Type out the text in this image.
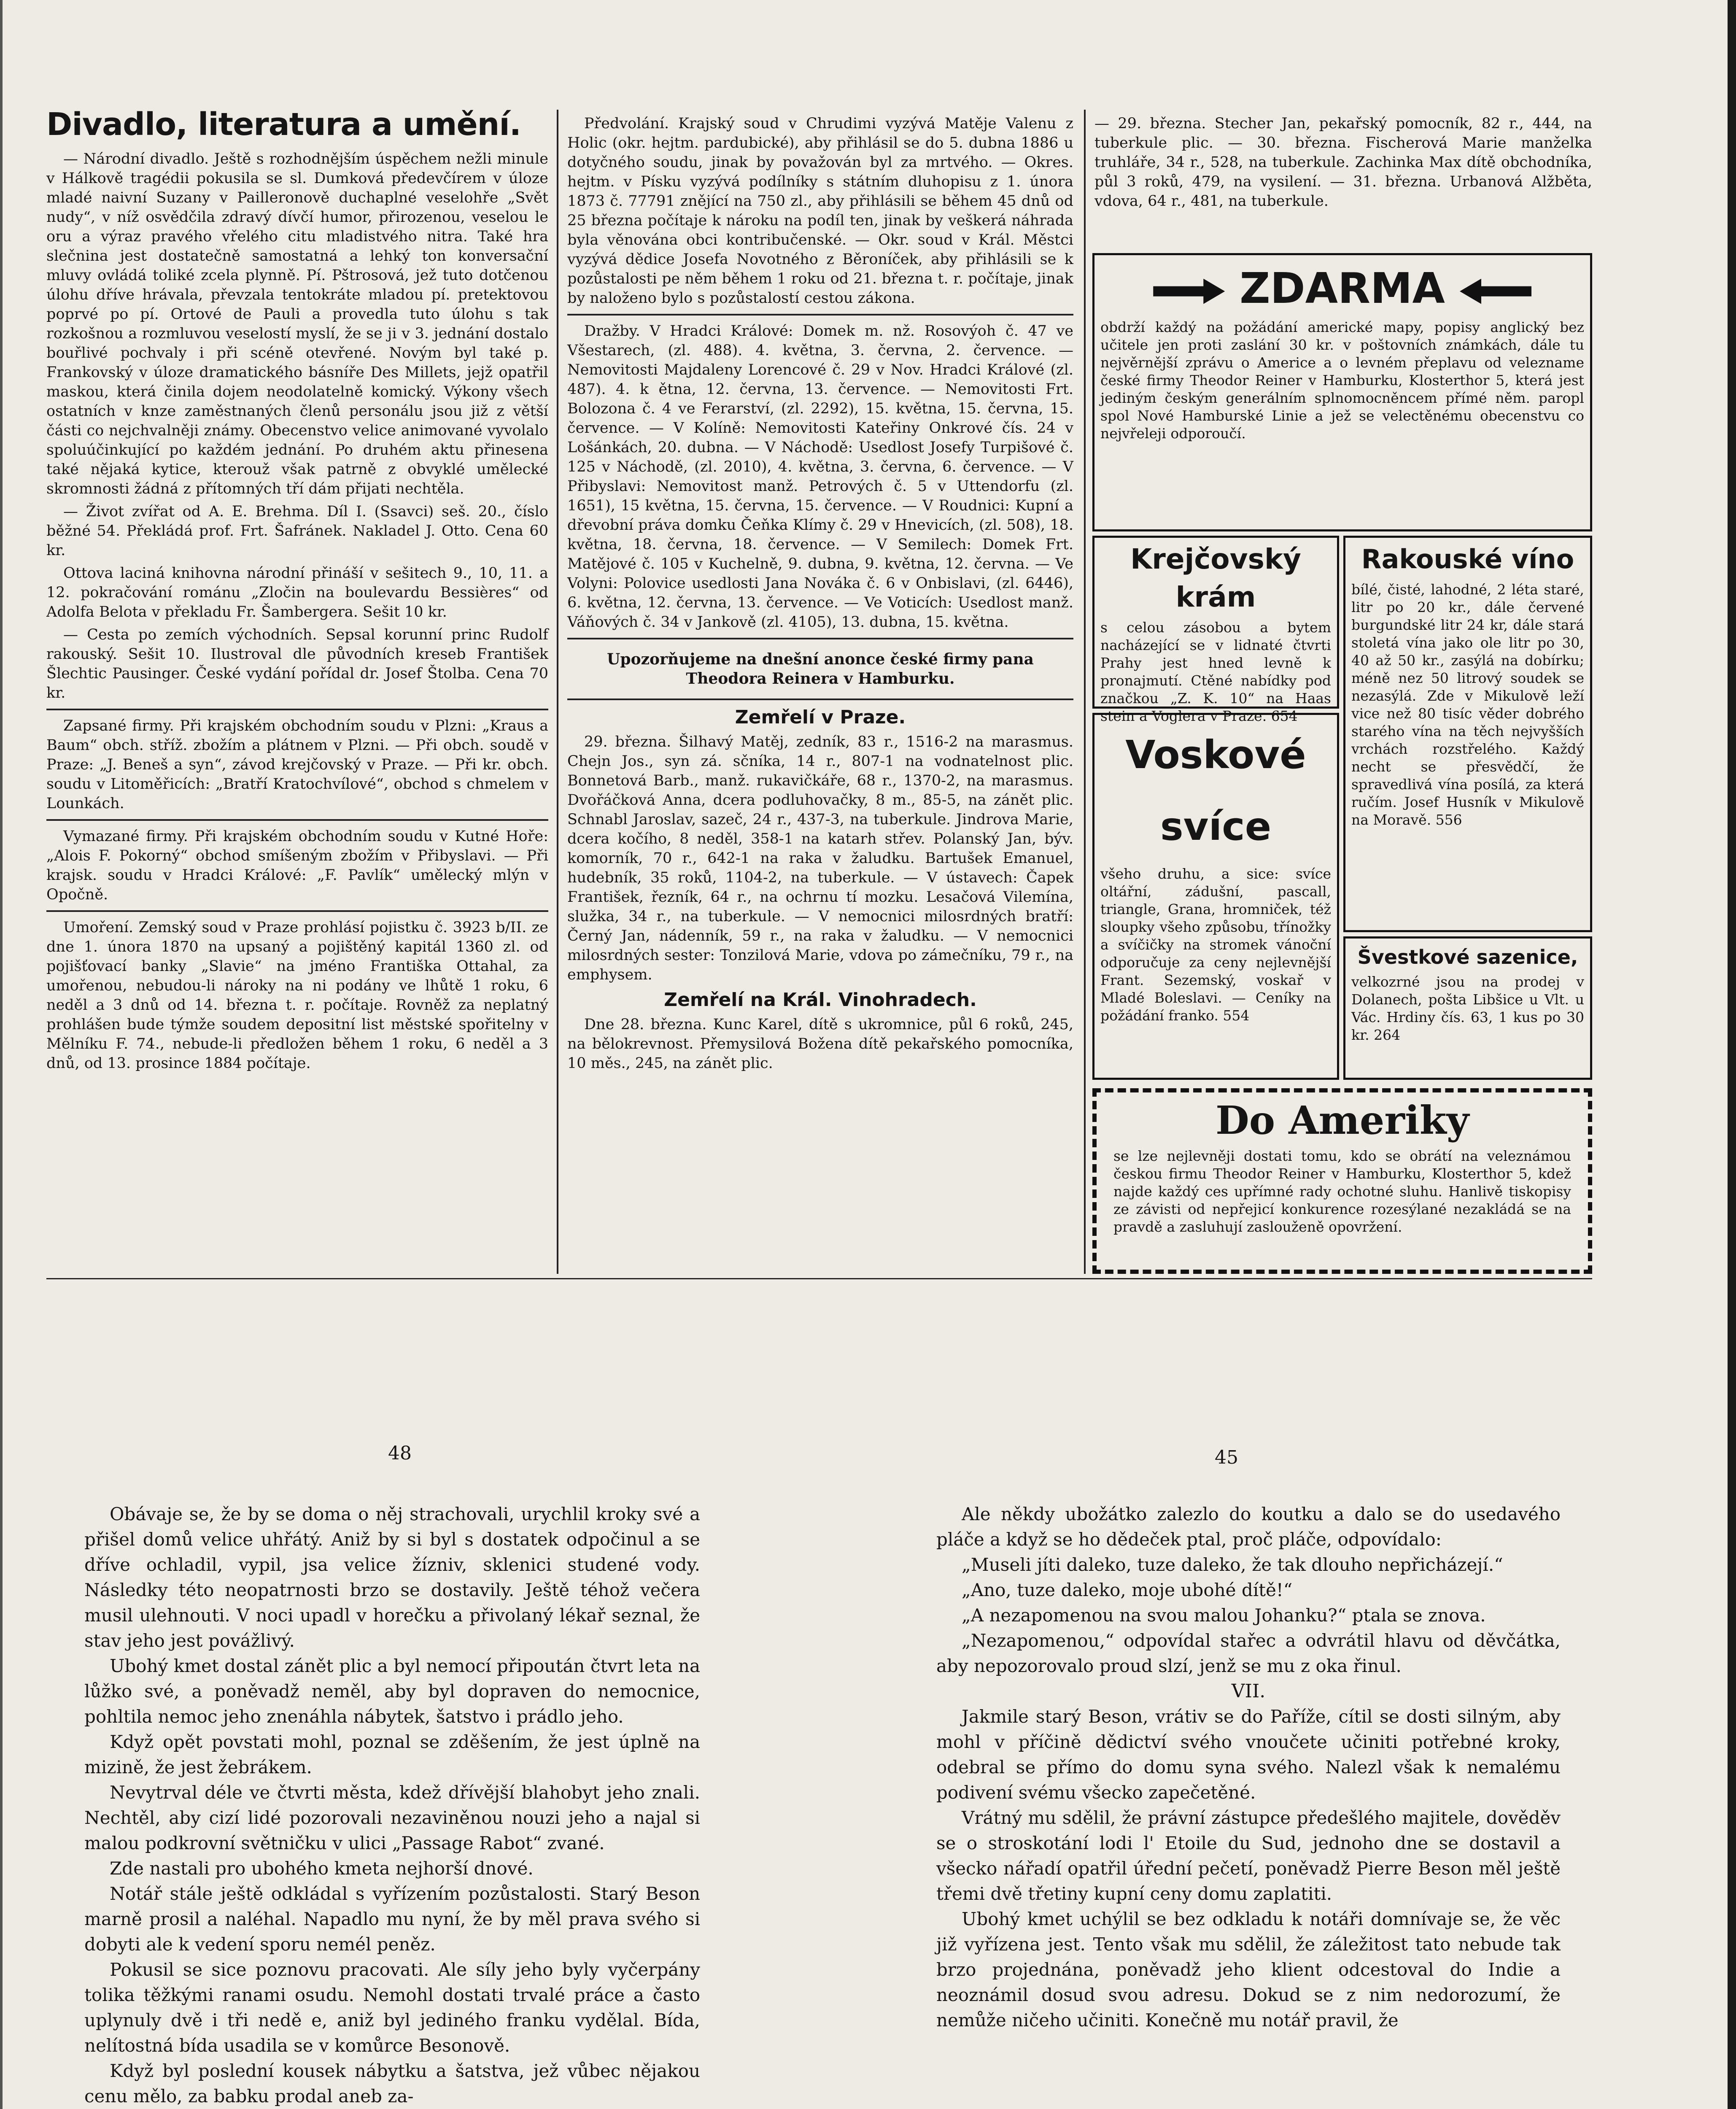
Divadlo, literatura a umění.

— Národní divadlo. Ještě s rozhodnějším úspěchem nežli minule v Hálkově tragédii pokusila se sl. Dumková předevčírem v úloze mladé naivní Suzany v Pailleronově duchaplné veselohře „Svět nudy“, v níž osvědčila zdravý dívčí humor, přirozenou, veselou le oru a výraz pravého vřelého citu mladistvého nitra. Také hra slečnina jest dostatečně samostatná a lehký ton konversační mluvy ovládá toliké zcela plynně. Pí. Pštrosová, jež tuto dotčenou úlohu dříve hrávala, převzala tentokráte mladou pí. pretektovou poprvé po pí. Ortové de Pauli a provedla tuto úlohu s tak rozkošnou a rozmluvou veselostí myslí, že se ji v 3. jednání dostalo bouřlivé pochvaly i při scéně otevřené. Novým byl také p. Frankovský v úloze dramatického básníře Des Millets, jejž opatřil maskou, která činila dojem neodolatelně komický. Výkony všech ostatních v knze zaměstnaných členů personálu jsou již z větší části co nejchvalněji známy. Obecenstvo velice animované vyvolalo spoluúčinkující po každém jednání. Po druhém aktu přinesena také nějaká kytice, kterouž však patrně z obvyklé umělecké skromnosti žádná z přítomných tří dám přijati nechtěla.

— Život zvířat od A. E. Brehma. Díl I. (Ssavci) seš. 20., číslo běžné 54. Překládá prof. Frt. Šafránek. Nakladel J. Otto. Cena 60 kr.

Ottova laciná knihovna národní přináší v sešitech 9., 10, 11. a 12. pokračování románu „Zločin na boulevardu Bessières“ od Adolfa Belota v překladu Fr. Šambergera. Sešit 10 kr.

— Cesta po zemích východních. Sepsal korunní princ Rudolf rakouský. Sešit 10. Ilustroval dle původních kreseb František Šlechtic Pausinger. České vydání pořídal dr. Josef Štolba. Cena 70 kr.

Zapsané firmy. Při krajském obchodním soudu v Plzni: „Kraus a Baum“ obch. stříž. zbožím a plátnem v Plzni. — Při obch. soudě v Praze: „J. Beneš a syn“, závod krejčovský v Praze. — Při kr. obch. soudu v Litoměřicích: „Bratří Kratochvílové“, obchod s chmelem v Lounkách.

Vymazané firmy. Při krajském obchodním soudu v Kutné Hoře: „Alois F. Pokorný“ obchod smíšeným zbožím v Přibyslavi. — Při krajsk. soudu v Hradci Králové: „F. Pavlík“ umělecký mlýn v Opočně.

Umoření. Zemský soud v Praze prohlásí pojistku č. 3923 b/II. ze dne 1. února 1870 na upsaný a pojištěný kapitál 1360 zl. od pojišťovací banky „Slavie“ na jméno Františka Ottahal, za umořenou, nebudou-li nároky na ni podány ve lhůtě 1 roku, 6 neděl a 3 dnů od 14. března t. r. počítaje. Rovněž za neplatný prohlášen bude týmže soudem depositní list městské spořitelny v Mělníku F. 74., nebude-li předložen během 1 roku, 6 neděl a 3 dnů, od 13. prosince 1884 počítaje.

Předvolání. Krajský soud v Chrudimi vyzývá Matěje Valenu z Holic (okr. hejtm. pardubické), aby přihlásil se do 5. dubna 1886 u dotyčného soudu, jinak by považován byl za mrtvého. — Okres. hejtm. v Písku vyzývá podílníky s státním dluhopisu z 1. února 1873 č. 77791 znějící na 750 zl., aby přihlásili se během 45 dnů od 25 března počítaje k nároku na podíl ten, jinak by veškerá náhrada byla věnována obci kontribučenské. — Okr. soud v Král. Městci vyzývá dědice Josefa Novotného z Běroníček, aby přihlásili se k pozůstalosti pe něm během 1 roku od 21. března t. r. počítaje, jinak by naloženo bylo s pozůstalostí cestou zákona.

Dražby. V Hradci Králové: Domek m. nž. Rosovýoh č. 47 ve Všestarech, (zl. 488). 4. května, 3. června, 2. července. — Nemovitosti Majdaleny Lorencové č. 29 v Nov. Hradci Králové (zl. 487). 4. k ětna, 12. června, 13. července. — Nemovitosti Frt. Bolozona č. 4 ve Ferarství, (zl. 2292), 15. května, 15. června, 15. července. — V Kolíně: Nemovitosti Kateřiny Onkrové čís. 24 v Lošánkách, 20. dubna. — V Náchodě: Usedlost Josefy Turpišové č. 125 v Náchodě, (zl. 2010), 4. května, 3. června, 6. července. — V Přibyslavi: Nemovitost manž. Petrových č. 5 v Uttendorfu (zl. 1651), 15 května, 15. června, 15. července. — V Roudnici: Kupní a dřevobní práva domku Čeňka Klímy č. 29 v Hnevicích, (zl. 508), 18. května, 18. června, 18. července. — V Semilech: Domek Frt. Matějové č. 105 v Kuchelně, 9. dubna, 9. května, 12. června. — Ve Volyni: Polovice usedlosti Jana Nováka č. 6 v Onbislavi, (zl. 6446), 6. května, 12. června, 13. července. — Ve Voticích: Usedlost manž. Váňových č. 34 v Jankově (zl. 4105), 13. dubna, 15. května.

Upozorňujeme na dnešní anonce české firmy pana Theodora Reinera v Hamburku.
Zemřelí v Praze.

29. března. Šilhavý Matěj, zedník, 83 r., 1516-2 na marasmus. Chejn Jos., syn zá. sčníka, 14 r., 807-1 na vodnatelnost plic. Bonnetová Barb., manž. rukavičkáře, 68 r., 1370-2, na marasmus. Dvořáčková Anna, dcera podluhovačky, 8 m., 85-5, na zánět plic. Schnabl Jaroslav, sazeč, 24 r., 437-3, na tuberkule. Jindrova Marie, dcera kočího, 8 neděl, 358-1 na katarh střev. Polanský Jan, býv. komorník, 70 r., 642-1 na raka v žaludku. Bartušek Emanuel, hudebník, 35 roků, 1104-2, na tuberkule. — V ústavech: Čapek František, řezník, 64 r., na ochrnu tí mozku. Lesačová Vilemína, služka, 34 r., na tuberkule. — V nemocnici milosrdných bratří: Černý Jan, nádenník, 59 r., na raka v žaludku. — V nemocnici milosrdných sester: Tonzilová Marie, vdova po zámečníku, 79 r., na emphysem.

Zemřelí na Král. Vinohradech.

Dne 28. března. Kunc Karel, dítě s ukromnice, půl 6 roků, 245, na bělokrevnost. Přemysilová Božena dítě pekařského pomocníka, 10 měs., 245, na zánět plic.

— 29. března. Stecher Jan, pekařský pomocník, 82 r., 444, na tuberkule plic. — 30. března. Fischerová Marie manželka truhláře, 34 r., 528, na tuberkule. Zachinka Max dítě obchodníka, půl 3 roků, 479, na vysilení. — 31. března. Urbanová Alžběta, vdova, 64 r., 481, na tuberkule.

ZDARMA
obdrží každý na požádání americké mapy, popisy anglický bez učitele jen proti zaslání 30 kr. v poštovních známkách, dále tu nejvěrnější zprávu o Americe a o levném přeplavu od velezname české firmy Theodor Reiner v Hamburku, Klosterthor 5, která jest jediným českým generálním splnomocněncem přímé něm. paropl spol Nové Hamburské Linie a jež se velectěnému obecenstvu co nejvřeleji odporoučí.
Krejčovský krám
s celou zásobou a bytem nacházející se v lidnaté čtvrti Prahy jest hned levně k pronajmutí. Ctěné nabídky pod značkou „Z. K. 10“ na Haas stein a Voglera v Praze. 654
Voskové svíce
všeho druhu, a sice: svíce oltářní, zádušní, pascall, triangle, Grana, hromniček, též sloupky všeho způsobu, třínožky a svíčičky na stromek vánoční odporučuje za ceny nejlevnější Frant. Sezemský, voskař v Mladé Boleslavi. — Ceníky na požádání franko. 554
Rakouské víno
bílé, čisté, lahodné, 2 léta staré, litr po 20 kr., dále červené burgundské litr 24 kr, dále stará stoletá vína jako ole litr po 30, 40 až 50 kr., zasýlá na dobírku; méně nez 50 litrový soudek se nezasýlá. Zde v Mikulově leží vice než 80 tisíc věder dobrého starého vína na těch nejvyšších vrchách rozstřelého. Každý necht se přesvědčí, že spravedlivá vína posílá, za která ručím. Josef Husník v Mikulově na Moravě. 556
Švestkové sazenice,
velkozrné jsou na prodej v Dolanech, pošta Libšice u Vlt. u Vác. Hrdiny čís. 63, 1 kus po 30 kr. 264
Do Ameriky
se lze nejlevněji dostati tomu, kdo se obrátí na veleznámou českou firmu Theodor Reiner v Hamburku, Klosterthor 5, kdež najde každý ces upřímné rady ochotné sluhu. Hanlivě tiskopisy ze závisti od nepřejicí konkurence rozesýlané nezakládá se na pravdě a zasluhují zaslouženě opovržení.
48	45

Obávaje se, že by se doma o něj strachovali, urychlil kroky své a přišel domů velice uhřátý. Aniž by si byl s dostatek odpočinul a se dříve ochladil, vypil, jsa velice žízniv, sklenici studené vody. Následky této neopatrnosti brzo se dostavily. Ještě téhož večera musil ulehnouti. V noci upadl v horečku a přivolaný lékař seznal, že stav jeho jest povážlivý.

Ubohý kmet dostal zánět plic a byl nemocí připoután čtvrt leta na lůžko své, a poněvadž neměl, aby byl dopraven do nemocnice, pohltila nemoc jeho znenáhla nábytek, šatstvo i prádlo jeho.

Když opět povstati mohl, poznal se zděšením, že jest úplně na mizině, že jest žebrákem.

Nevytrval déle ve čtvrti města, kdež dřívější blahobyt jeho znali. Nechtěl, aby cizí lidé pozorovali nezaviněnou nouzi jeho a najal si malou podkrovní světničku v ulici „Passage Rabot“ zvané.

Zde nastali pro ubohého kmeta nejhorší dnové.

Notář stále ještě odkládal s vyřízením pozůstalosti. Starý Beson marně prosil a naléhal. Napadlo mu nyní, že by měl prava svého si dobyti ale k vedení sporu nemél peněz.

Pokusil se sice poznovu pracovati. Ale síly jeho byly vyčerpány tolika těžkými ranami osudu. Nemohl dostati trvalé práce a často uplynuly dvě i tři nedě e, aniž byl jediného franku vydělal. Bída, nelítostná bída usadila se v komůrce Besonově.

Když byl poslední kousek nábytku a šatstva, jež vůbec nějakou cenu mělo, za babku prodal aneb za-

Ale někdy ubožátko zalezlo do koutku a dalo se do usedavého pláče a když se ho dědeček ptal, proč pláče, odpovídalo:

„Museli jíti daleko, tuze daleko, že tak dlouho nepřicházejí.“

„Ano, tuze daleko, moje ubohé dítě!“

„A nezapomenou na svou malou Johanku?“ ptala se znova.

„Nezapomenou,“ odpovídal stařec a odvrátil hlavu od děvčátka, aby nepozorovalo proud slzí, jenž se mu z oka řinul.

VII.

Jakmile starý Beson, vrátiv se do Paříže, cítil se dosti silným, aby mohl v příčině dědictví svého vnoučete učiniti potřebné kroky, odebral se přímo do domu syna svého. Nalezl však k nemalému podivení svému všecko zapečetěné.

Vrátný mu sdělil, že právní zástupce předešlého majitele, dověděv se o stroskotání lodi l' Etoile du Sud, jednoho dne se dostavil a všecko nářadí opatřil úřední pečetí, poněvadž Pierre Beson měl ještě třemi dvě třetiny kupní ceny domu zaplatiti.

Ubohý kmet uchýlil se bez odkladu k notáři domnívaje se, že věc již vyřízena jest. Tento však mu sdělil, že záležitost tato nebude tak brzo projednána, poněvadž jeho klient odcestoval do Indie a neoznámil dosud svou adresu. Dokud se z nim nedorozumí, že nemůže ničeho učiniti. Konečně mu notář pravil, že
